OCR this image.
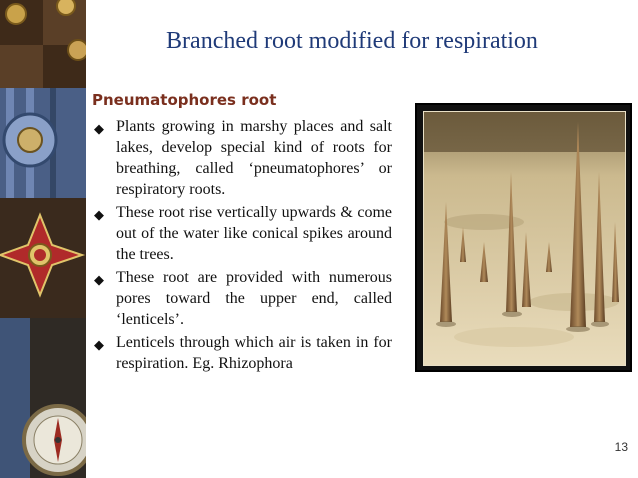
Branched root modified for respiration
Pneumatophores root
◆ Plants growing in marshy places and salt lakes, develop special kind of roots for breathing, called ‘pneumatophores’ or respiratory roots.
◆ These root rise vertically upwards & come out of the water like conical spikes around the trees.
◆ These root are provided with numerous pores toward the upper end, called ‘lenticels’.
◆ Lenticels through which air is taken in for respiration. Eg. Rhizophora
13
